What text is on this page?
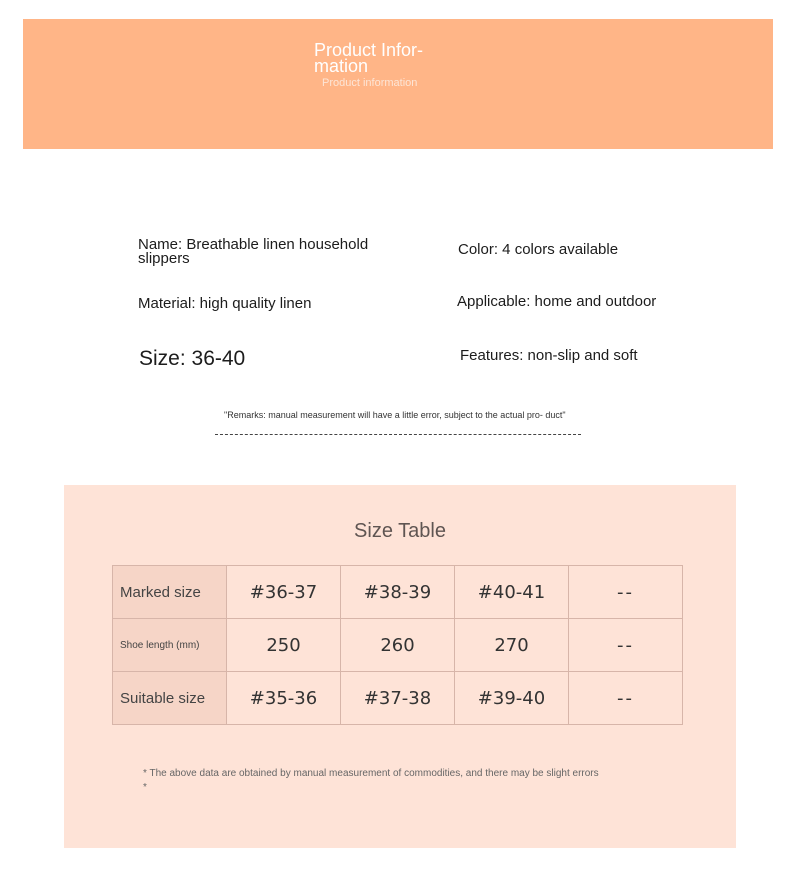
Product Infor- mation
Product information
Name: Breathable linen household slippers
Color: 4 colors available
Material: high quality linen	Applicable: home and outdoor
Size: 36-40	Features: non-slip and soft
"Remarks: manual measurement will have a little error, subject to the actual pro- duct"
Size Table
Marked size	#36-37	#38-39	#40-41	--
Shoe length (mm)	250	260	270	--
Suitable size	#35-36	#37-38	#39-40	--
* The above data are obtained by manual measurement of commodities, and there may be slight errors
*
